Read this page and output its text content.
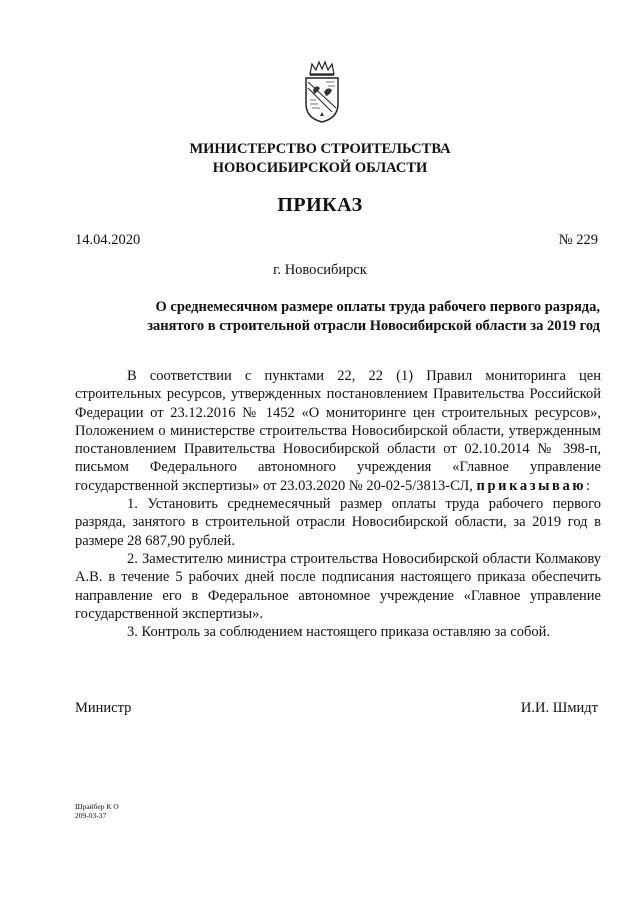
МИНИСТЕРСТВО СТРОИТЕЛЬСТВА
НОВОСИБИРСКОЙ ОБЛАСТИ
ПРИКАЗ
14.04.2020	№ 229
г. Новосибирск
О среднемесячном размере оплаты труда рабочего первого разряда,
занятого в строительной отрасли Новосибирской области за 2019 год

В соответствии с пунктами 22, 22 (1) Правил мониторинга цен строительных ресурсов, утвержденных постановлением Правительства Российской Федерации от 23.12.2016 № 1452 «О мониторинге цен строительных ресурсов», Положением о министерстве строительства Новосибирской области, утвержденным постановлением Правительства Новосибирской области от 02.10.2014 № 398-п, письмом Федерального автономного учреждения «Главное управление государственной экспертизы» от 23.03.2020 № 20-02-5/3813-СЛ, приказываю:

1. Установить среднемесячный размер оплаты труда рабочего первого разряда, занятого в строительной отрасли Новосибирской области, за 2019 год в размере 28 687,90 рублей.

2. Заместителю министра строительства Новосибирской области Колмакову А.В. в течение 5 рабочих дней после подписания настоящего приказа обеспечить направление его в Федеральное автономное учреждение «Главное управление государственной экспертизы».

3. Контроль за соблюдением настоящего приказа оставляю за собой.

Министр	И.И. Шмидт
Шрайбер К О
209-03-37
